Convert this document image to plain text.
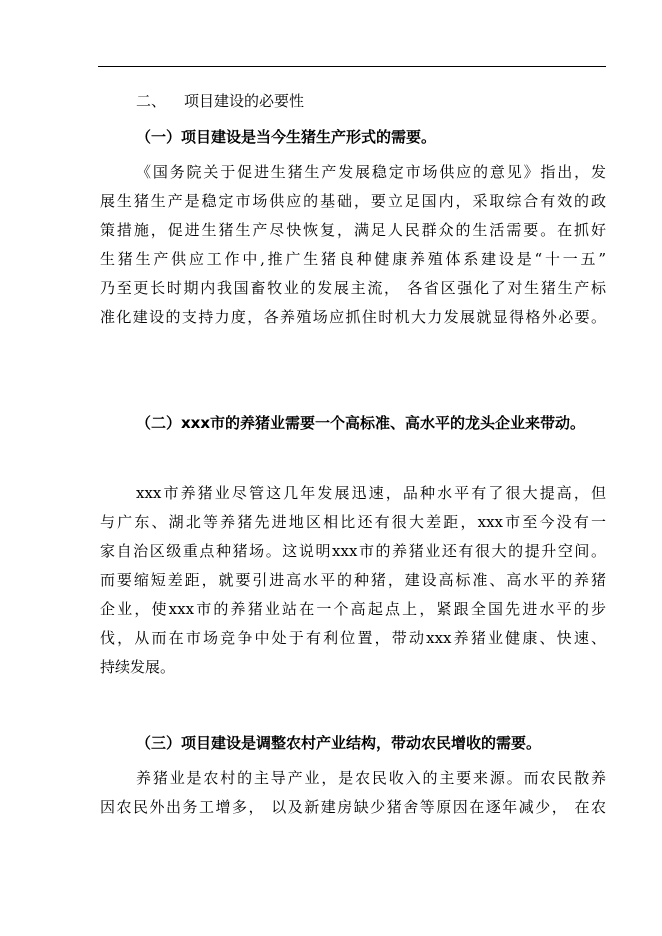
二、 项目建设的必要性
（一）项目建设是当今生猪生产形式的需要。
《国务院关于促进生猪生产发展稳定市场供应的意见》指出，发
展生猪生产是稳定市场供应的基础，要立足国内，采取综合有效的政
策措施，促进生猪生产尽快恢复，满足人民群众的生活需要。在抓好
生猪生产供应工作中,推广生猪良种健康养殖体系建设是“十一五”
乃至更长时期内我国畜牧业的发展主流， 各省区强化了对生猪生产标
准化建设的支持力度，各养殖场应抓住时机大力发展就显得格外必要。
（二）xxx市的养猪业需要一个高标准、高水平的龙头企业来带动。
xxx市养猪业尽管这几年发展迅速，品种水平有了很大提高，但
与广东、湖北等养猪先进地区相比还有很大差距，xxx市至今没有一
家自治区级重点种猪场。这说明xxx市的养猪业还有很大的提升空间。
而要缩短差距，就要引进高水平的种猪，建设高标准、高水平的养猪
企业，使xxx市的养猪业站在一个高起点上，紧跟全国先进水平的步
伐，从而在市场竞争中处于有利位置，带动xxx养猪业健康、快速、
持续发展。
（三）项目建设是调整农村产业结构，带动农民增收的需要。
养猪业是农村的主导产业，是农民收入的主要来源。而农民散养
因农民外出务工增多， 以及新建房缺少猪舍等原因在逐年减少， 在农
